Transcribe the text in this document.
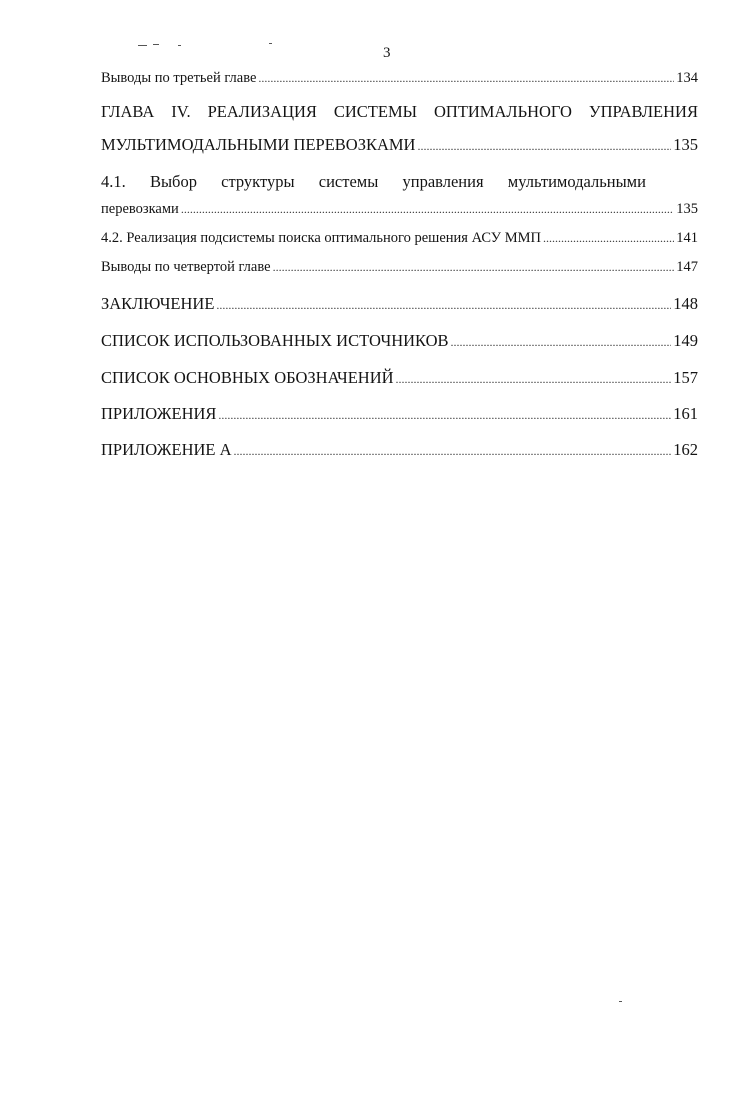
3
Выводы по третьей главе . . .	134
ГЛАВА IV. РЕАЛИЗАЦИЯ СИСТЕМЫ ОПТИМАЛЬНОГО УПРАВЛЕНИЯ
МУЛЬТИМОДАЛЬНЫМИ ПЕРЕВОЗКАМИ . . .	135
4.1. Выбор структуры системы управления мультимодальными
перевозками . . .	135
4.2. Реализация подсистемы поиска оптимального решения АСУ ММП . . .	141
Выводы по четвертой главе . . .	147
ЗАКЛЮЧЕНИЕ . . .	148
СПИСОК ИСПОЛЬЗОВАННЫХ ИСТОЧНИКОВ . . .	149
СПИСОК ОСНОВНЫХ ОБОЗНАЧЕНИЙ . . .	157
ПРИЛОЖЕНИЯ . . .	161
ПРИЛОЖЕНИЕ А . . .	162
